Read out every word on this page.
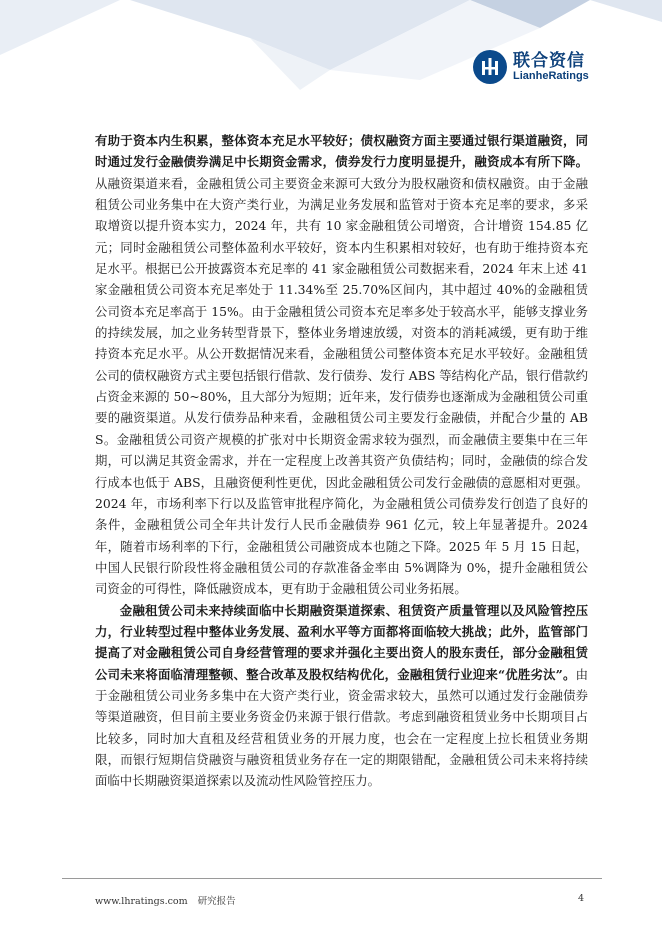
联合资信
LianheRatings

有助于资本内生积累，整体资本充足水平较好；债权融资方面主要通过银行渠道融资，同时通过发行金融债券满足中长期资金需求，债券发行力度明显提升，融资成本有所下降。从融资渠道来看，金融租赁公司主要资金来源可大致分为股权融资和债权融资。由于金融租赁公司业务集中在大资产类行业，为满足业务发展和监管对于资本充足率的要求，多采取增资以提升资本实力，2024 年，共有 10 家金融租赁公司增资，合计增资 154.85 亿元；同时金融租赁公司整体盈利水平较好，资本内生积累相对较好，也有助于维持资本充足水平。根据已公开披露资本充足率的 41 家金融租赁公司数据来看，2024 年末上述 41 家金融租赁公司资本充足率处于 11.34%至 25.70%区间内，其中超过 40%的金融租赁公司资本充足率高于 15%。由于金融租赁公司资本充足率多处于较高水平，能够支撑业务的持续发展，加之业务转型背景下，整体业务增速放缓，对资本的消耗减缓，更有助于维持资本充足水平。从公开数据情况来看，金融租赁公司整体资本充足水平较好。金融租赁公司的债权融资方式主要包括银行借款、发行债券、发行 ABS 等结构化产品，银行借款约占资金来源的 50~80%，且大部分为短期；近年来，发行债券也逐渐成为金融租赁公司重要的融资渠道。从发行债券品种来看，金融租赁公司主要发行金融债，并配合少量的 ABS。金融租赁公司资产规模的扩张对中长期资金需求较为强烈，而金融债主要集中在三年期，可以满足其资金需求，并在一定程度上改善其资产负债结构；同时，金融债的综合发行成本也低于 ABS，且融资便利性更优，因此金融租赁公司发行金融债的意愿相对更强。2024 年，市场利率下行以及监管审批程序简化，为金融租赁公司债券发行创造了良好的条件，金融租赁公司全年共计发行人民币金融债券 961 亿元，较上年显著提升。2024 年，随着市场利率的下行，金融租赁公司融资成本也随之下降。2025 年 5 月 15 日起，中国人民银行阶段性将金融租赁公司的存款准备金率由 5%调降为 0%，提升金融租赁公司资金的可得性，降低融资成本，更有助于金融租赁公司业务拓展。

金融租赁公司未来持续面临中长期融资渠道探索、租赁资产质量管理以及风险管控压力，行业转型过程中整体业务发展、盈利水平等方面都将面临较大挑战；此外，监管部门提高了对金融租赁公司自身经营管理的要求并强化主要出资人的股东责任，部分金融租赁公司未来将面临清理整顿、整合改革及股权结构优化，金融租赁行业迎来“优胜劣汰”。由于金融租赁公司业务多集中在大资产类行业，资金需求较大，虽然可以通过发行金融债券等渠道融资，但目前主要业务资金仍来源于银行借款。考虑到融资租赁业务中长期项目占比较多，同时加大直租及经营租赁业务的开展力度，也会在一定程度上拉长租赁业务期限，而银行短期信贷融资与融资租赁业务存在一定的期限错配，金融租赁公司未来将持续面临中长期融资渠道探索以及流动性风险管控压力。

www.lhratings.com 研究报告	4
